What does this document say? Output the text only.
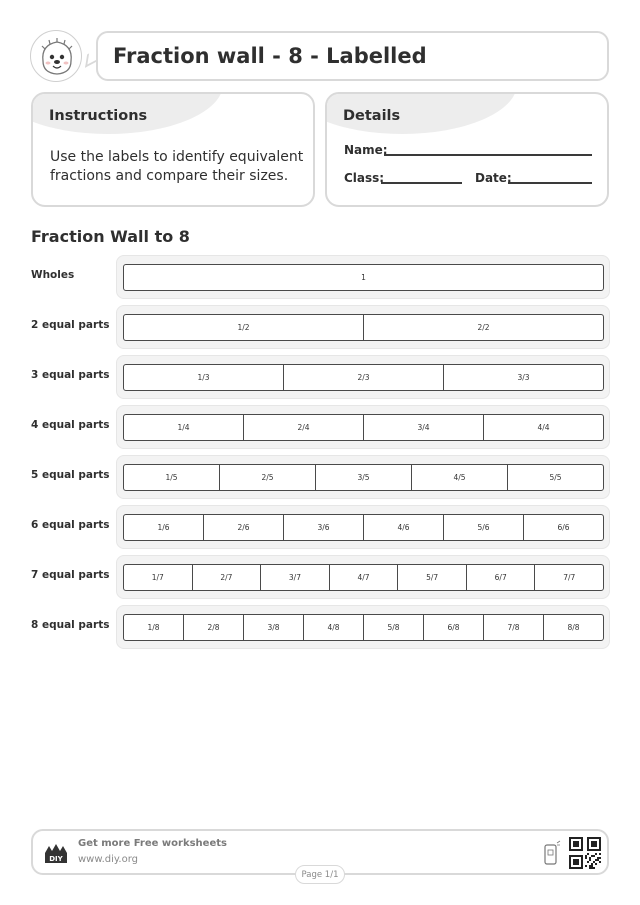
Fraction wall - 8 - Labelled
Instructions
Use the labels to identify equivalent fractions and compare their sizes.
Details
Name:
Class:	Date:
Fraction Wall to 8
Wholes	1
2 equal parts	1/2	2/2
3 equal parts	1/3	2/3	3/3
4 equal parts	1/4	2/4	3/4	4/4
5 equal parts	1/5	2/5	3/5	4/5	5/5
6 equal parts	1/6	2/6	3/6	4/6	5/6	6/6
7 equal parts	1/7	2/7	3/7	4/7	5/7	6/7	7/7
8 equal parts	1/8	2/8	3/8	4/8	5/8	6/8	7/8	8/8
DIY
Get more Free worksheets
www.diy.org
Page 1/1
